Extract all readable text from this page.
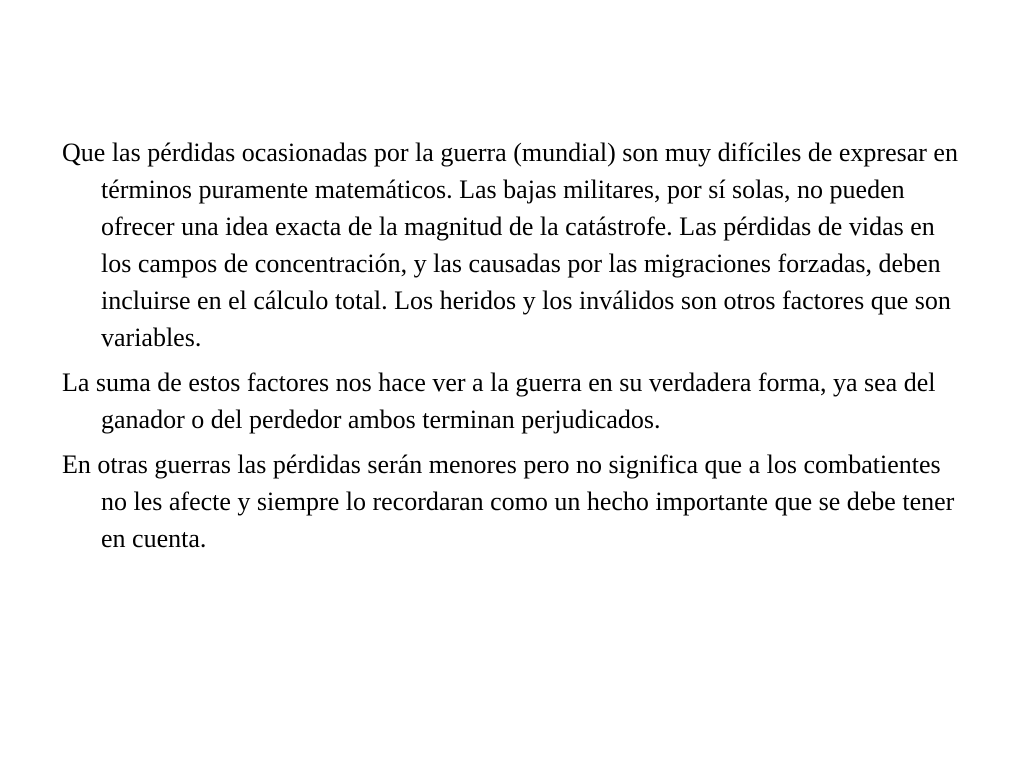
Que las pérdidas ocasionadas por la guerra (mundial) son muy difíciles de expresar en términos puramente matemáticos. Las bajas militares, por sí solas, no pueden ofrecer una idea exacta de la magnitud de la catástrofe. Las pérdidas de vidas en los campos de concentración, y las causadas por las migraciones forzadas, deben incluirse en el cálculo total. Los heridos y los inválidos son otros factores que son variables.
La suma de estos factores nos hace ver a la guerra en su verdadera forma, ya sea del ganador o del perdedor ambos terminan perjudicados.
En otras guerras las pérdidas serán menores pero no significa que a los combatientes no les afecte y siempre lo recordaran como un hecho importante que se debe tener en cuenta.
